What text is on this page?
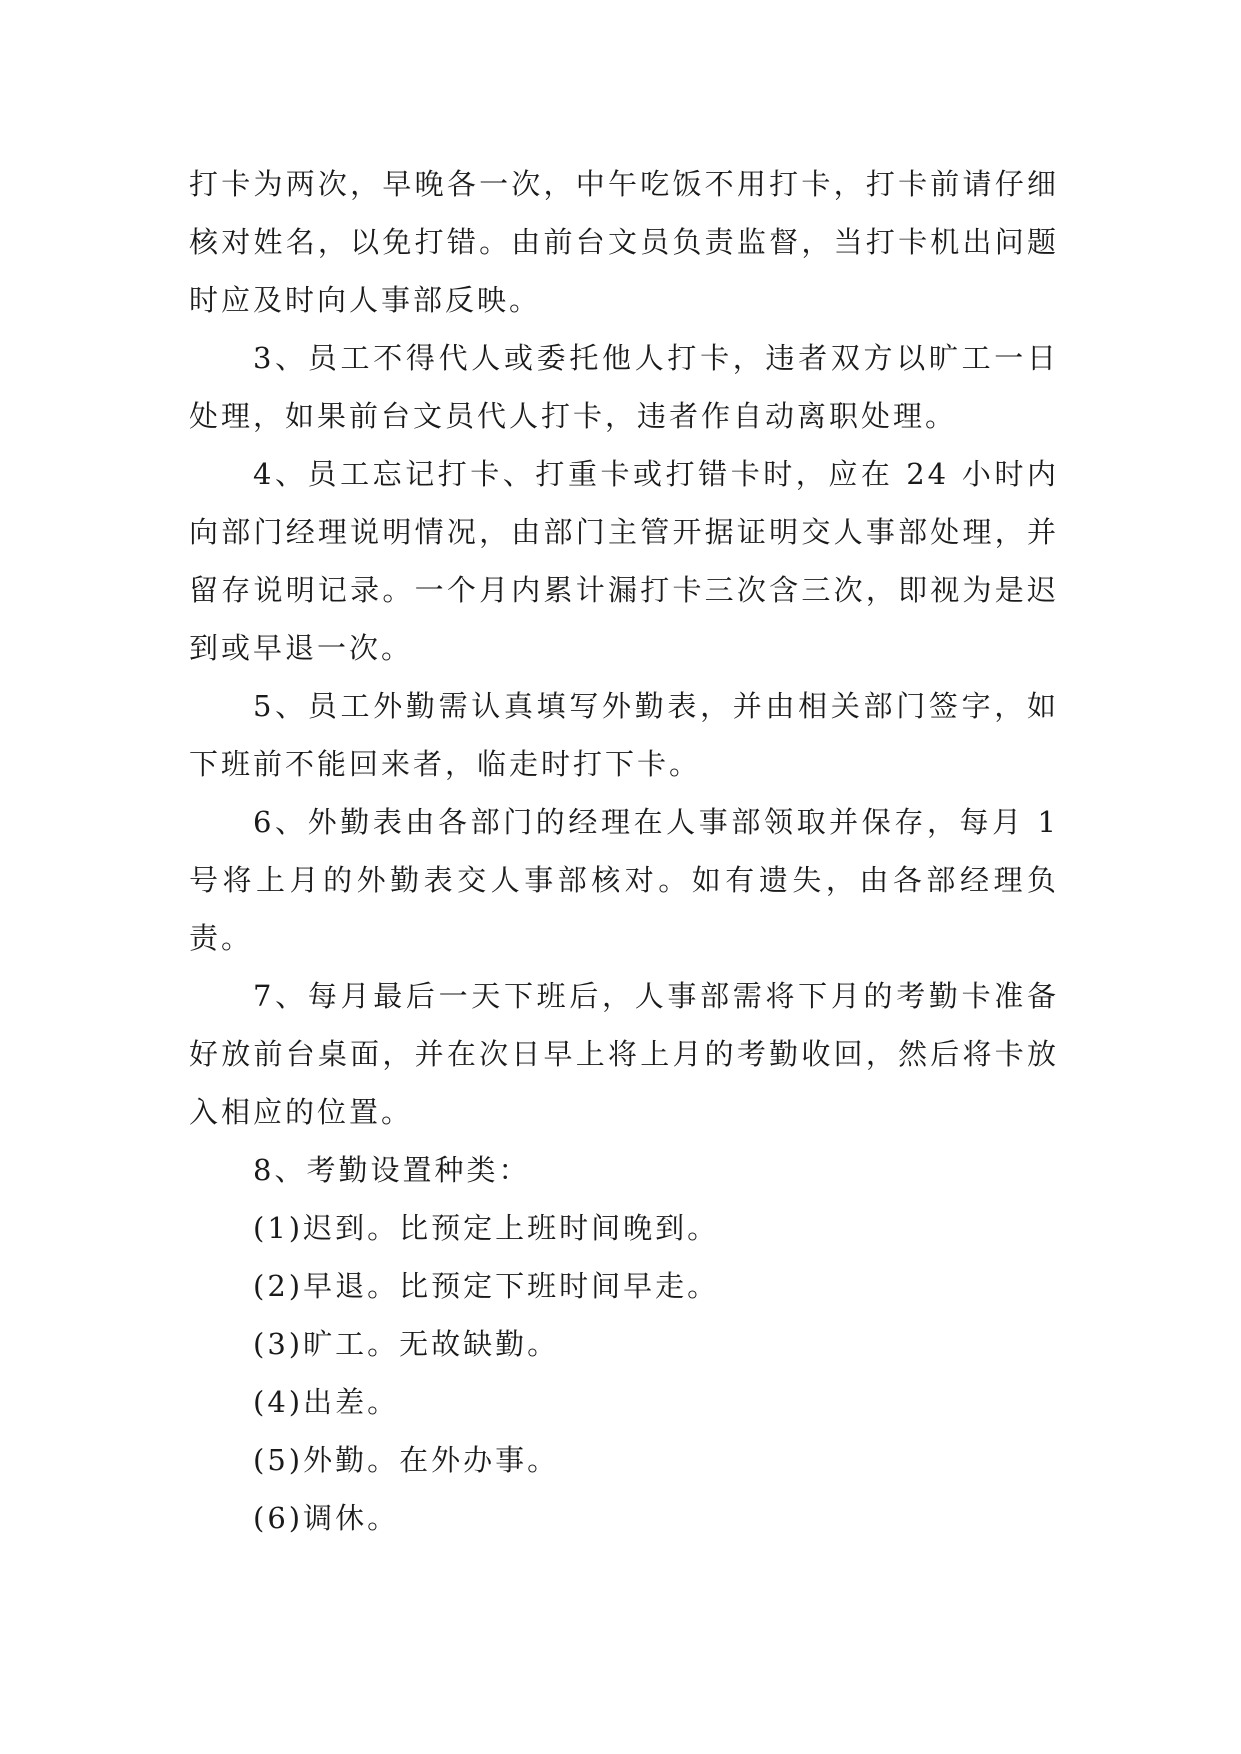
打卡为两次，早晚各一次，中午吃饭不用打卡，打卡前请仔细核对姓名，以免打错。由前台文员负责监督，当打卡机出问题时应及时向人事部反映。

3、员工不得代人或委托他人打卡，违者双方以旷工一日处理，如果前台文员代人打卡，违者作自动离职处理。

4、员工忘记打卡、打重卡或打错卡时，应在 24 小时内向部门经理说明情况，由部门主管开据证明交人事部处理，并留存说明记录。一个月内累计漏打卡三次含三次，即视为是迟到或早退一次。

5、员工外勤需认真填写外勤表，并由相关部门签字，如下班前不能回来者，临走时打下卡。

6、外勤表由各部门的经理在人事部领取并保存，每月 1 号将上月的外勤表交人事部核对。如有遗失，由各部经理负责。

7、每月最后一天下班后，人事部需将下月的考勤卡准备好放前台桌面，并在次日早上将上月的考勤收回，然后将卡放入相应的位置。

8、考勤设置种类：

(1)迟到。比预定上班时间晚到。

(2)早退。比预定下班时间早走。

(3)旷工。无故缺勤。

(4)出差。

(5)外勤。在外办事。

(6)调休。
